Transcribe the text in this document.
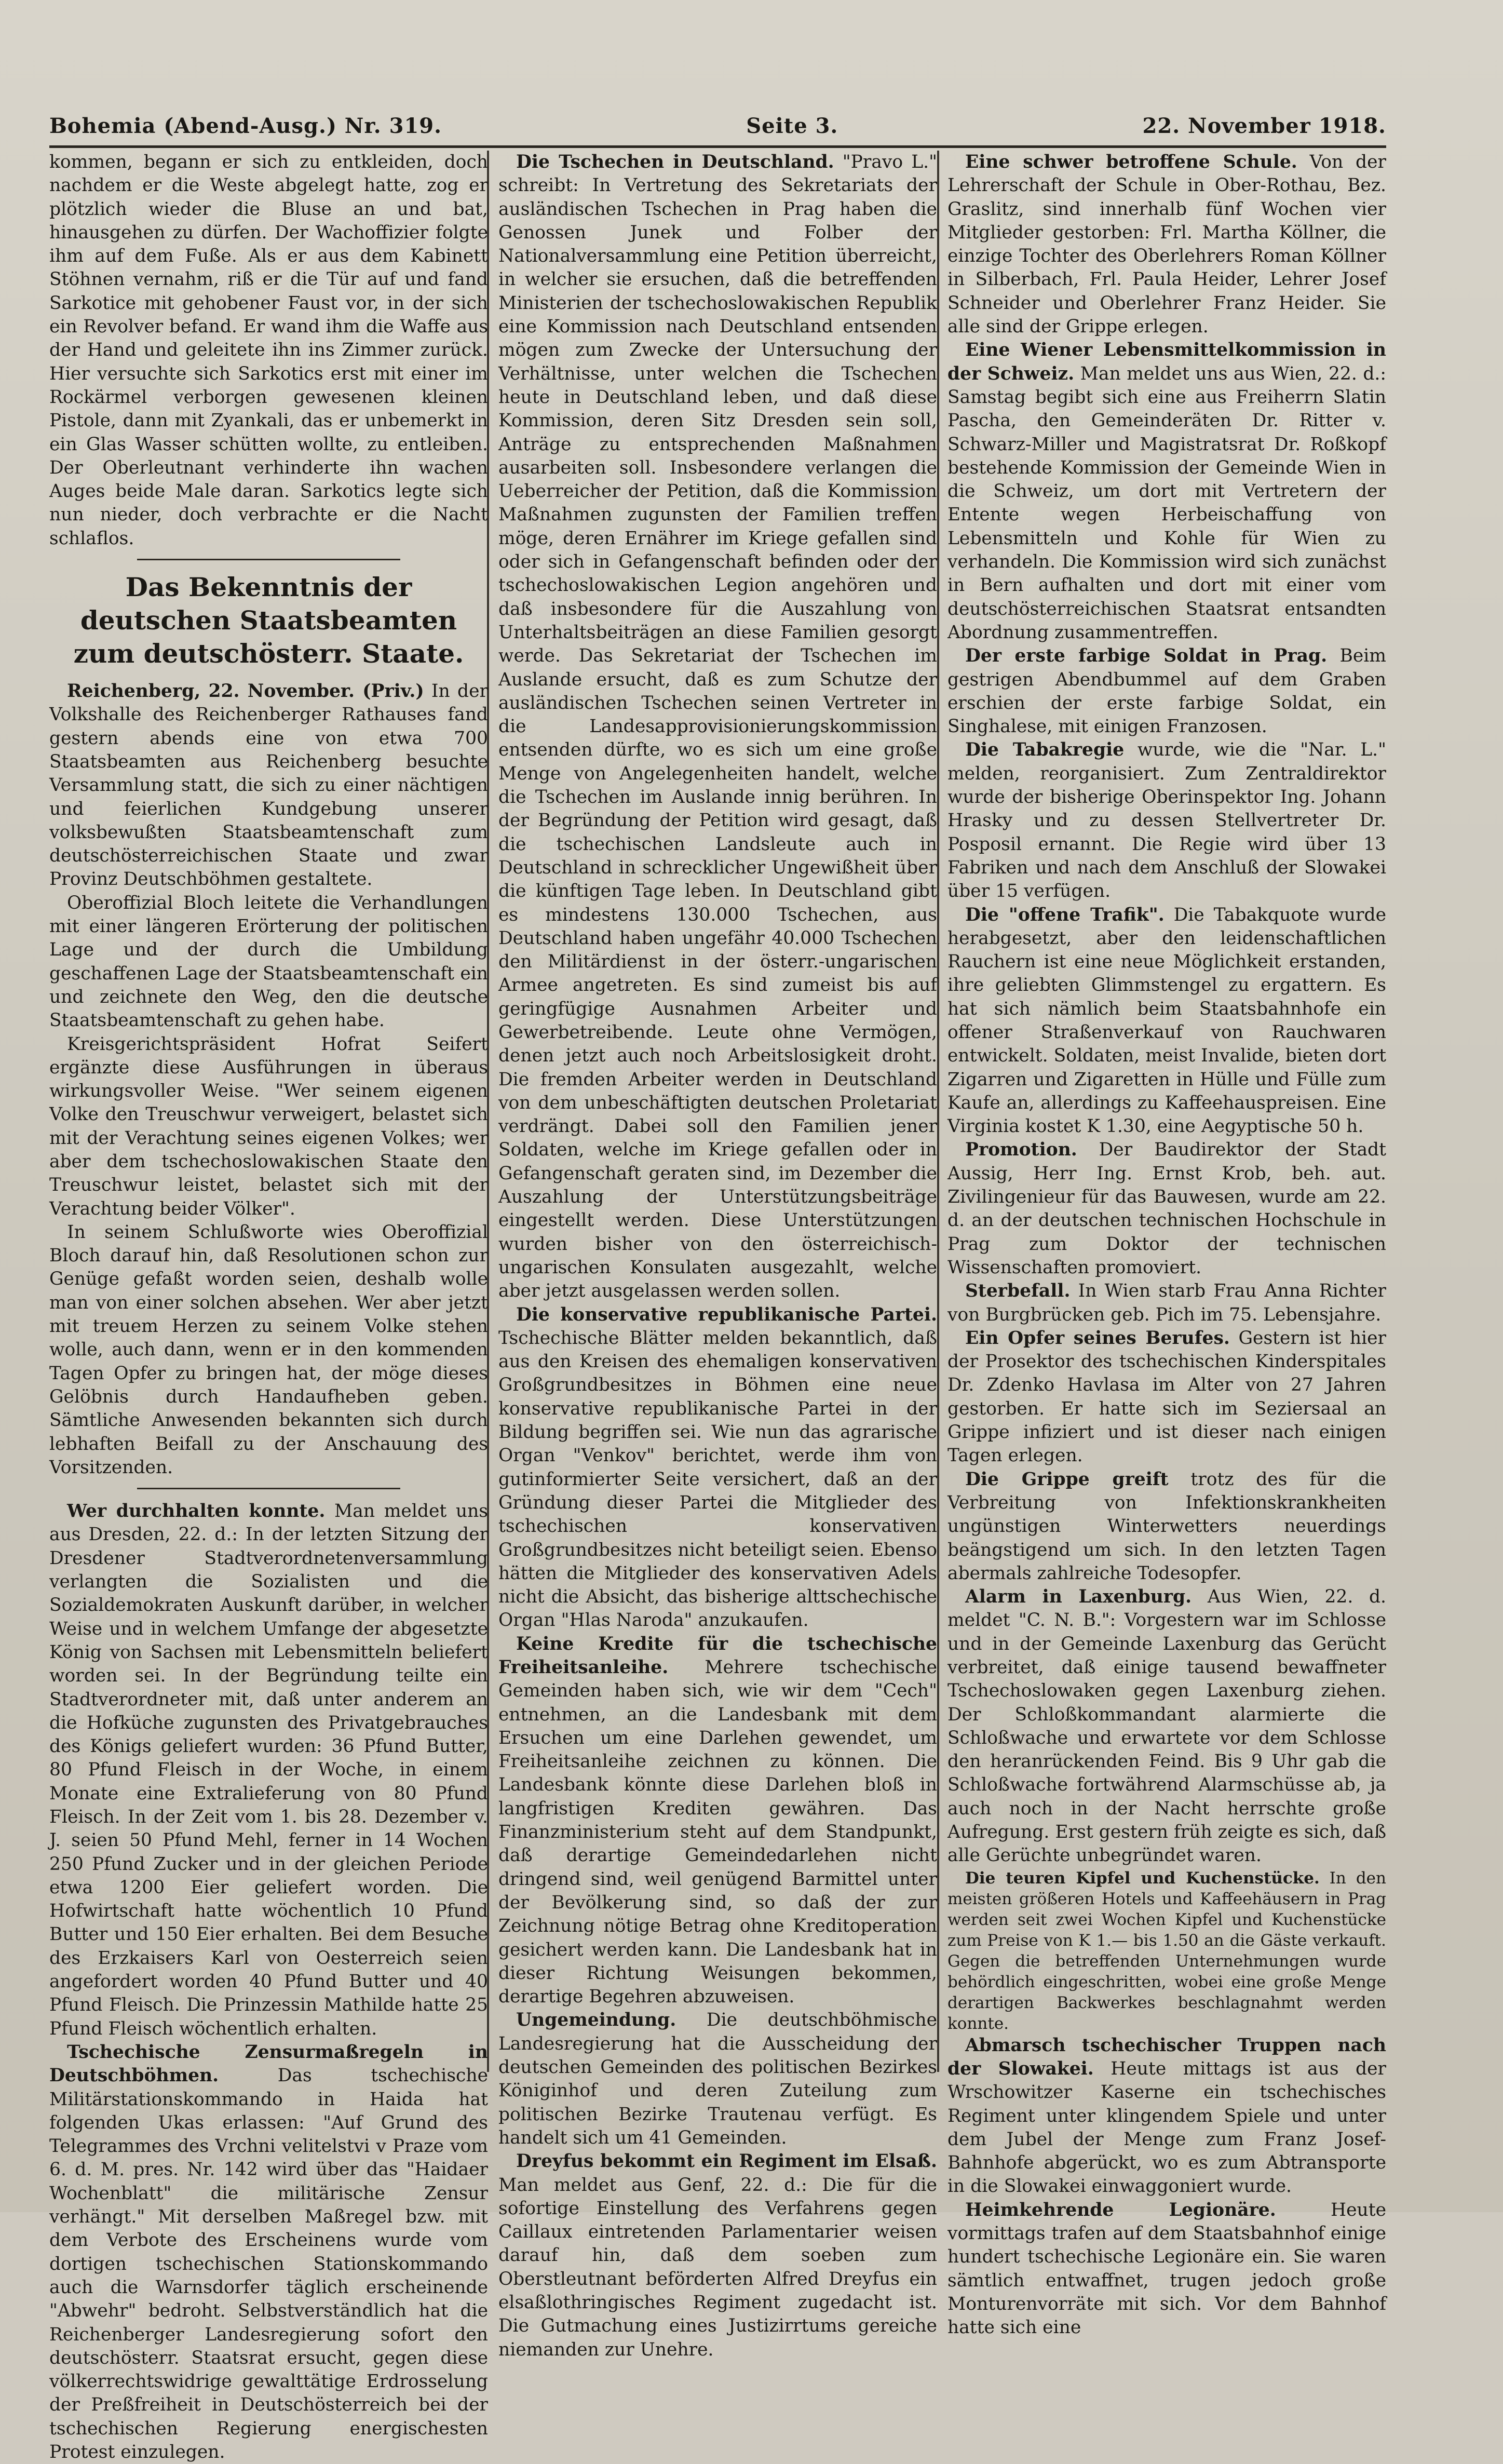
Bohemia (Abend-Ausg.) Nr. 319.	Seite 3.	22. November 1918.

kommen, begann er sich zu entkleiden, doch nachdem er die Weste abgelegt hatte, zog er plötzlich wieder die Bluse an und bat, hinausgehen zu dürfen. Der Wachoffizier folgte ihm auf dem Fuße. Als er aus dem Kabinett Stöhnen vernahm, riß er die Tür auf und fand Sarkotice mit gehobener Faust vor, in der sich ein Revolver befand. Er wand ihm die Waffe aus der Hand und geleitete ihn ins Zimmer zurück. Hier versuchte sich Sarkotics erst mit einer im Rockärmel verborgen gewesenen kleinen Pistole, dann mit Zyankali, das er unbemerkt in ein Glas Wasser schütten wollte, zu entleiben. Der Oberleutnant verhinderte ihn wachen Auges beide Male daran. Sarkotics legte sich nun nieder, doch verbrachte er die Nacht schlaflos.

Das Bekenntnis der deutschen Staatsbeamten zum deutschösterr. Staate.

Reichenberg, 22. November. (Priv.) In der Volkshalle des Reichenberger Rathauses fand gestern abends eine von etwa 700 Staatsbeamten aus Reichenberg besuchte Versammlung statt, die sich zu einer nächtigen und feierlichen Kundgebung unserer volksbewußten Staatsbeamtenschaft zum deutschösterreichischen Staate und zwar Provinz Deutschböhmen gestaltete.

Oberoffizial Bloch leitete die Verhandlungen mit einer längeren Erörterung der politischen Lage und der durch die Umbildung geschaffenen Lage der Staatsbeamtenschaft ein und zeichnete den Weg, den die deutsche Staatsbeamtenschaft zu gehen habe.

Kreisgerichtspräsident Hofrat Seifert ergänzte diese Ausführungen in überaus wirkungsvoller Weise. "Wer seinem eigenen Volke den Treuschwur verweigert, belastet sich mit der Verachtung seines eigenen Volkes; wer aber dem tschechoslowakischen Staate den Treuschwur leistet, belastet sich mit der Verachtung beider Völker".

In seinem Schlußworte wies Oberoffizial Bloch darauf hin, daß Resolutionen schon zur Genüge gefaßt worden seien, deshalb wolle man von einer solchen absehen. Wer aber jetzt mit treuem Herzen zu seinem Volke stehen wolle, auch dann, wenn er in den kommenden Tagen Opfer zu bringen hat, der möge dieses Gelöbnis durch Handaufheben geben. Sämtliche Anwesenden bekannten sich durch lebhaften Beifall zu der Anschauung des Vorsitzenden.

Wer durchhalten konnte. Man meldet uns aus Dresden, 22. d.: In der letzten Sitzung der Dresdener Stadtverordnetenversammlung verlangten die Sozialisten und die Sozialdemokraten Auskunft darüber, in welcher Weise und in welchem Umfange der abgesetzte König von Sachsen mit Lebensmitteln beliefert worden sei. In der Begründung teilte ein Stadtverordneter mit, daß unter anderem an die Hofküche zugunsten des Privatgebrauches des Königs geliefert wurden: 36 Pfund Butter, 80 Pfund Fleisch in der Woche, in einem Monate eine Extralieferung von 80 Pfund Fleisch. In der Zeit vom 1. bis 28. Dezember v. J. seien 50 Pfund Mehl, ferner in 14 Wochen 250 Pfund Zucker und in der gleichen Periode etwa 1200 Eier geliefert worden. Die Hofwirtschaft hatte wöchentlich 10 Pfund Butter und 150 Eier erhalten. Bei dem Besuche des Erzkaisers Karl von Oesterreich seien angefordert worden 40 Pfund Butter und 40 Pfund Fleisch. Die Prinzessin Mathilde hatte 25 Pfund Fleisch wöchentlich erhalten.

Tschechische Zensurmaßregeln in Deutschböhmen. Das tschechische Militärstationskommando in Haida hat folgenden Ukas erlassen: "Auf Grund des Telegrammes des Vrchni velitelstvi v Praze vom 6. d. M. pres. Nr. 142 wird über das "Haidaer Wochenblatt" die militärische Zensur verhängt." Mit derselben Maßregel bzw. mit dem Verbote des Erscheinens wurde vom dortigen tschechischen Stationskommando auch die Warnsdorfer täglich erscheinende "Abwehr" bedroht. Selbstverständlich hat die Reichenberger Landesregierung sofort den deutschösterr. Staatsrat ersucht, gegen diese völkerrechtswidrige gewalttätige Erdrosselung der Preßfreiheit in Deutschösterreich bei der tschechischen Regierung energischesten Protest einzulegen.

Die Tschechen in Deutschland. "Pravo L." schreibt: In Vertretung des Sekretariats der ausländischen Tschechen in Prag haben die Genossen Junek und Folber der Nationalversammlung eine Petition überreicht, in welcher sie ersuchen, daß die betreffenden Ministerien der tschechoslowakischen Republik eine Kommission nach Deutschland entsenden mögen zum Zwecke der Untersuchung der Verhältnisse, unter welchen die Tschechen heute in Deutschland leben, und daß diese Kommission, deren Sitz Dresden sein soll, Anträge zu entsprechenden Maßnahmen ausarbeiten soll. Insbesondere verlangen die Ueberreicher der Petition, daß die Kommission Maßnahmen zugunsten der Familien treffen möge, deren Ernährer im Kriege gefallen sind oder sich in Gefangenschaft befinden oder der tschechoslowakischen Legion angehören und daß insbesondere für die Auszahlung von Unterhaltsbeiträgen an diese Familien gesorgt werde. Das Sekretariat der Tschechen im Auslande ersucht, daß es zum Schutze der ausländischen Tschechen seinen Vertreter in die Landesapprovisionierungskommission entsenden dürfte, wo es sich um eine große Menge von Angelegenheiten handelt, welche die Tschechen im Auslande innig berühren. In der Begründung der Petition wird gesagt, daß die tschechischen Landsleute auch in Deutschland in schrecklicher Ungewißheit über die künftigen Tage leben. In Deutschland gibt es mindestens 130.000 Tschechen, aus Deutschland haben ungefähr 40.000 Tschechen den Militärdienst in der österr.-ungarischen Armee angetreten. Es sind zumeist bis auf geringfügige Ausnahmen Arbeiter und Gewerbetreibende. Leute ohne Vermögen, denen jetzt auch noch Arbeitslosigkeit droht. Die fremden Arbeiter werden in Deutschland von dem unbeschäftigten deutschen Proletariat verdrängt. Dabei soll den Familien jener Soldaten, welche im Kriege gefallen oder in Gefangenschaft geraten sind, im Dezember die Auszahlung der Unterstützungsbeiträge eingestellt werden. Diese Unterstützungen wurden bisher von den österreichisch-ungarischen Konsulaten ausgezahlt, welche aber jetzt ausgelassen werden sollen.

Die konservative republikanische Partei. Tschechische Blätter melden bekanntlich, daß aus den Kreisen des ehemaligen konservativen Großgrundbesitzes in Böhmen eine neue konservative republikanische Partei in der Bildung begriffen sei. Wie nun das agrarische Organ "Venkov" berichtet, werde ihm von gutinformierter Seite versichert, daß an der Gründung dieser Partei die Mitglieder des tschechischen konservativen Großgrundbesitzes nicht beteiligt seien. Ebenso hätten die Mitglieder des konservativen Adels nicht die Absicht, das bisherige alttschechische Organ "Hlas Naroda" anzukaufen.

Keine Kredite für die tschechische Freiheitsanleihe. Mehrere tschechische Gemeinden haben sich, wie wir dem "Cech" entnehmen, an die Landesbank mit dem Ersuchen um eine Darlehen gewendet, um Freiheitsanleihe zeichnen zu können. Die Landesbank könnte diese Darlehen bloß in langfristigen Krediten gewähren. Das Finanzministerium steht auf dem Standpunkt, daß derartige Gemeindedarlehen nicht dringend sind, weil genügend Barmittel unter der Bevölkerung sind, so daß der zur Zeichnung nötige Betrag ohne Kreditoperation gesichert werden kann. Die Landesbank hat in dieser Richtung Weisungen bekommen, derartige Begehren abzuweisen.

Ungemeindung. Die deutschböhmische Landesregierung hat die Ausscheidung der deutschen Gemeinden des politischen Bezirkes Königinhof und deren Zuteilung zum politischen Bezirke Trautenau verfügt. Es handelt sich um 41 Gemeinden.

Dreyfus bekommt ein Regiment im Elsaß. Man meldet aus Genf, 22. d.: Die für die sofortige Einstellung des Verfahrens gegen Caillaux eintretenden Parlamentarier weisen darauf hin, daß dem soeben zum Oberstleutnant beförderten Alfred Dreyfus ein elsaßlothringisches Regiment zugedacht ist. Die Gutmachung eines Justizirrtums gereiche niemanden zur Unehre.

Eine schwer betroffene Schule. Von der Lehrerschaft der Schule in Ober-Rothau, Bez. Graslitz, sind innerhalb fünf Wochen vier Mitglieder gestorben: Frl. Martha Köllner, die einzige Tochter des Oberlehrers Roman Köllner in Silberbach, Frl. Paula Heider, Lehrer Josef Schneider und Oberlehrer Franz Heider. Sie alle sind der Grippe erlegen.

Eine Wiener Lebensmittelkommission in der Schweiz. Man meldet uns aus Wien, 22. d.: Samstag begibt sich eine aus Freiherrn Slatin Pascha, den Gemeinderäten Dr. Ritter v. Schwarz-Miller und Magistratsrat Dr. Roßkopf bestehende Kommission der Gemeinde Wien in die Schweiz, um dort mit Vertretern der Entente wegen Herbeischaffung von Lebensmitteln und Kohle für Wien zu verhandeln. Die Kommission wird sich zunächst in Bern aufhalten und dort mit einer vom deutschösterreichischen Staatsrat entsandten Abordnung zusammentreffen.

Der erste farbige Soldat in Prag. Beim gestrigen Abendbummel auf dem Graben erschien der erste farbige Soldat, ein Singhalese, mit einigen Franzosen.

Die Tabakregie wurde, wie die "Nar. L." melden, reorganisiert. Zum Zentraldirektor wurde der bisherige Oberinspektor Ing. Johann Hrasky und zu dessen Stellvertreter Dr. Posposil ernannt. Die Regie wird über 13 Fabriken und nach dem Anschluß der Slowakei über 15 verfügen.

Die "offene Trafik". Die Tabakquote wurde herabgesetzt, aber den leidenschaftlichen Rauchern ist eine neue Möglichkeit erstanden, ihre geliebten Glimmstengel zu ergattern. Es hat sich nämlich beim Staatsbahnhofe ein offener Straßenverkauf von Rauchwaren entwickelt. Soldaten, meist Invalide, bieten dort Zigarren und Zigaretten in Hülle und Fülle zum Kaufe an, allerdings zu Kaffeehauspreisen. Eine Virginia kostet K 1.30, eine Aegyptische 50 h.

Promotion. Der Baudirektor der Stadt Aussig, Herr Ing. Ernst Krob, beh. aut. Zivilingenieur für das Bauwesen, wurde am 22. d. an der deutschen technischen Hochschule in Prag zum Doktor der technischen Wissenschaften promoviert.

Sterbefall. In Wien starb Frau Anna Richter von Burgbrücken geb. Pich im 75. Lebensjahre.

Ein Opfer seines Berufes. Gestern ist hier der Prosektor des tschechischen Kinderspitales Dr. Zdenko Havlasa im Alter von 27 Jahren gestorben. Er hatte sich im Seziersaal an Grippe infiziert und ist dieser nach einigen Tagen erlegen.

Die Grippe greift trotz des für die Verbreitung von Infektionskrankheiten ungünstigen Winterwetters neuerdings beängstigend um sich. In den letzten Tagen abermals zahlreiche Todesopfer.

Alarm in Laxenburg. Aus Wien, 22. d. meldet "C. N. B.": Vorgestern war im Schlosse und in der Gemeinde Laxenburg das Gerücht verbreitet, daß einige tausend bewaffneter Tschechoslowaken gegen Laxenburg ziehen. Der Schloßkommandant alarmierte die Schloßwache und erwartete vor dem Schlosse den heranrückenden Feind. Bis 9 Uhr gab die Schloßwache fortwährend Alarmschüsse ab, ja auch noch in der Nacht herrschte große Aufregung. Erst gestern früh zeigte es sich, daß alle Gerüchte unbegründet waren.

Die teuren Kipfel und Kuchenstücke. In den meisten größeren Hotels und Kaffeehäusern in Prag werden seit zwei Wochen Kipfel und Kuchenstücke zum Preise von K 1.— bis 1.50 an die Gäste verkauft. Gegen die betreffenden Unternehmungen wurde behördlich eingeschritten, wobei eine große Menge derartigen Backwerkes beschlagnahmt werden konnte.

Abmarsch tschechischer Truppen nach der Slowakei. Heute mittags ist aus der Wrschowitzer Kaserne ein tschechisches Regiment unter klingendem Spiele und unter dem Jubel der Menge zum Franz Josef-Bahnhofe abgerückt, wo es zum Abtransporte in die Slowakei einwaggoniert wurde.

Heimkehrende Legionäre. Heute vormittags trafen auf dem Staatsbahnhof einige hundert tschechische Legionäre ein. Sie waren sämtlich entwaffnet, trugen jedoch große Monturenvorräte mit sich. Vor dem Bahnhof hatte sich eine
